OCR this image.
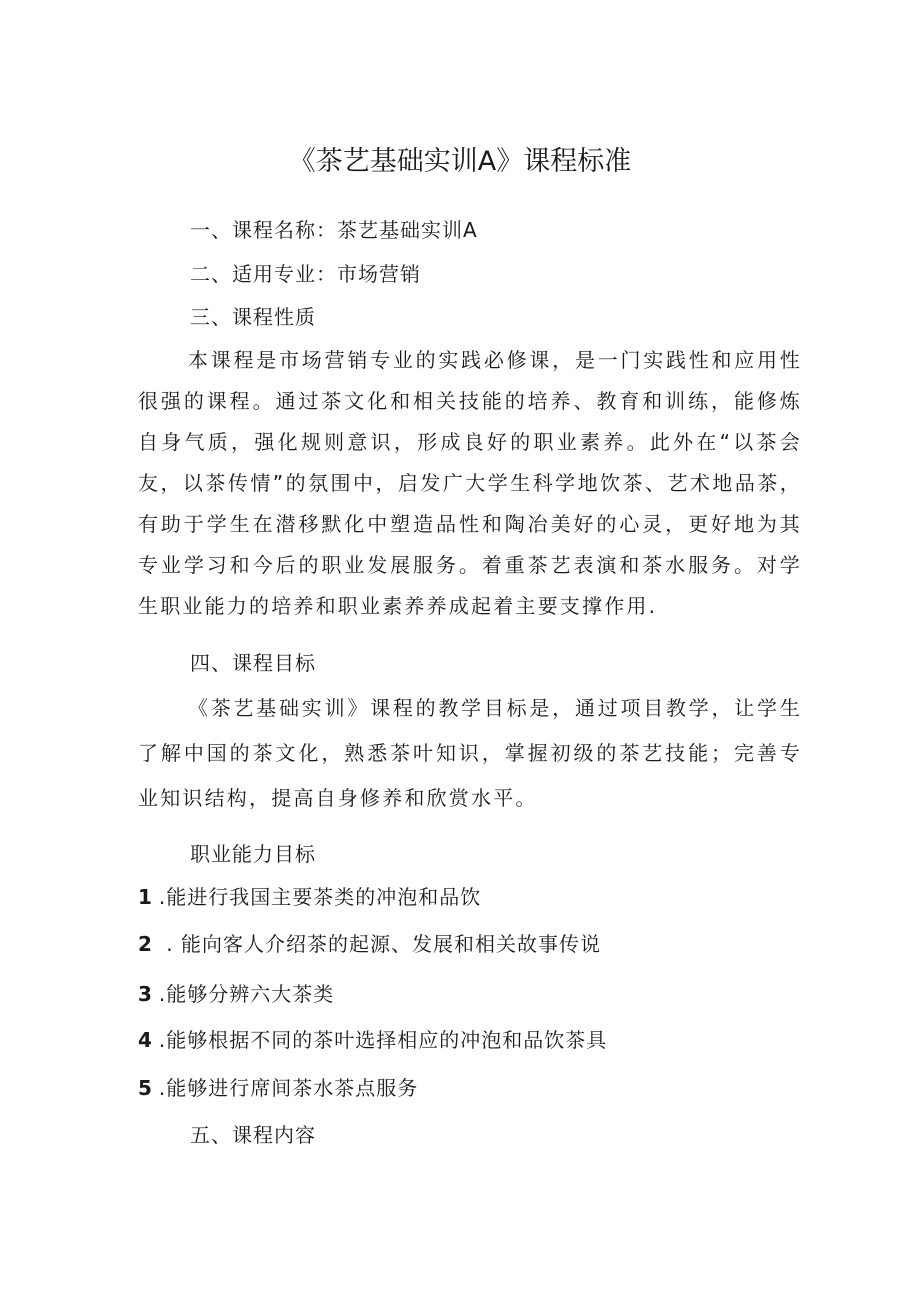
《茶艺基础实训A》课程标准
一、课程名称：茶艺基础实训A
二、适用专业：市场营销
三、课程性质
本课程是市场营销专业的实践必修课，是一门实践性和应用性很强的课程。通过茶文化和相关技能的培养、教育和训练，能修炼自身气质，强化规则意识，形成良好的职业素养。此外在“以茶会友，以茶传情”的氛围中，启发广大学生科学地饮茶、艺术地品茶，有助于学生在潜移默化中塑造品性和陶冶美好的心灵，更好地为其专业学习和今后的职业发展服务。着重茶艺表演和茶水服务。对学生职业能力的培养和职业素养养成起着主要支撑作用.
四、课程目标
《茶艺基础实训》课程的教学目标是，通过项目教学，让学生了解中国的茶文化，熟悉茶叶知识，掌握初级的茶艺技能；完善专业知识结构，提高自身修养和欣赏水平。
职业能力目标
1 .能进行我国主要茶类的冲泡和品饮
2 . 能向客人介绍茶的起源、发展和相关故事传说
3 .能够分辨六大茶类
4 .能够根据不同的茶叶选择相应的冲泡和品饮茶具
5 .能够进行席间茶水茶点服务
五、课程内容
